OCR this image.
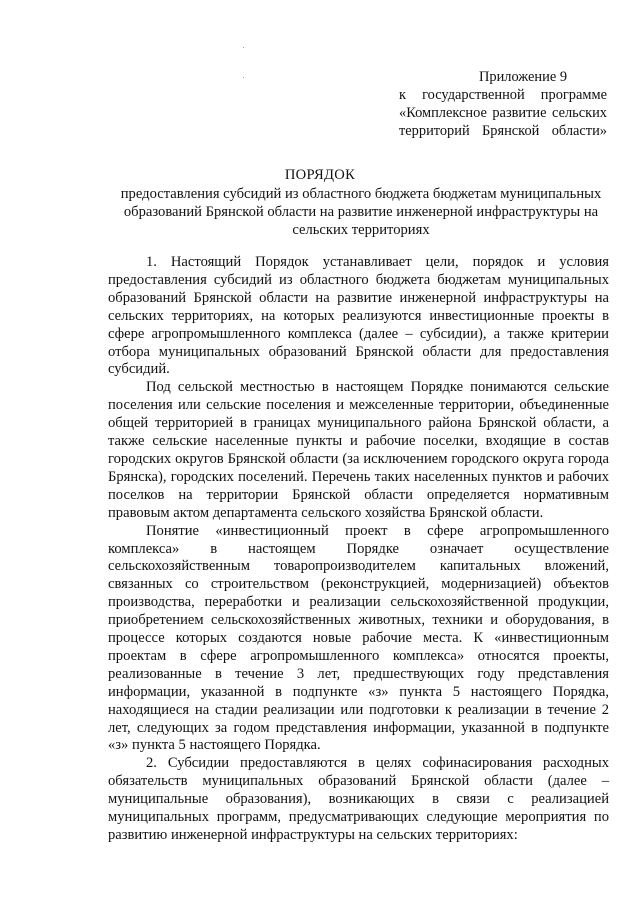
Приложение 9
к государственной программе
«Комплексное развитие сельских
территорий Брянской области»
ПОРЯДОК
предоставления субсидий из областного бюджета бюджетам муниципальных образований Брянской области на развитие инженерной инфраструктуры на сельских территориях

1. Настоящий Порядок устанавливает цели, порядок и условия предоставления субсидий из областного бюджета бюджетам муниципальных образований Брянской области на развитие инженерной инфраструктуры на сельских территориях, на которых реализуются инвестиционные проекты в сфере агропромышленного комплекса (далее – субсидии), а также критерии отбора муниципальных образований Брянской области для предоставления субсидий.

Под сельской местностью в настоящем Порядке понимаются сельские поселения или сельские поселения и межселенные территории, объединенные общей территорией в границах муниципального района Брянской области, а также сельские населенные пункты и рабочие поселки, входящие в состав городских округов Брянской области (за исключением городского округа города Брянска), городских поселений. Перечень таких населенных пунктов и рабочих поселков на территории Брянской области определяется нормативным правовым актом департамента сельского хозяйства Брянской области.

Понятие «инвестиционный проект в сфере агропромышленного комплекса» в настоящем Порядке означает осуществление сельскохозяйственным товаропроизводителем капитальных вложений, связанных со строительством (реконструкцией, модернизацией) объектов производства, переработки и реализации сельскохозяйственной продукции, приобретением сельскохозяйственных животных, техники и оборудования, в процессе которых создаются новые рабочие места. К «инвестиционным проектам в сфере агропромышленного комплекса» относятся проекты, реализованные в течение 3 лет, предшествующих году представления информации, указанной в подпункте «з» пункта 5 настоящего Порядка, находящиеся на стадии реализации или подготовки к реализации в течение 2 лет, следующих за годом представления информации, указанной в подпункте «з» пункта 5 настоящего Порядка.

2. Субсидии предоставляются в целях софинасирования расходных обязательств муниципальных образований Брянской области (далее – муниципальные образования), возникающих в связи с реализацией муниципальных программ, предусматривающих следующие мероприятия по развитию инженерной инфраструктуры на сельских территориях:
